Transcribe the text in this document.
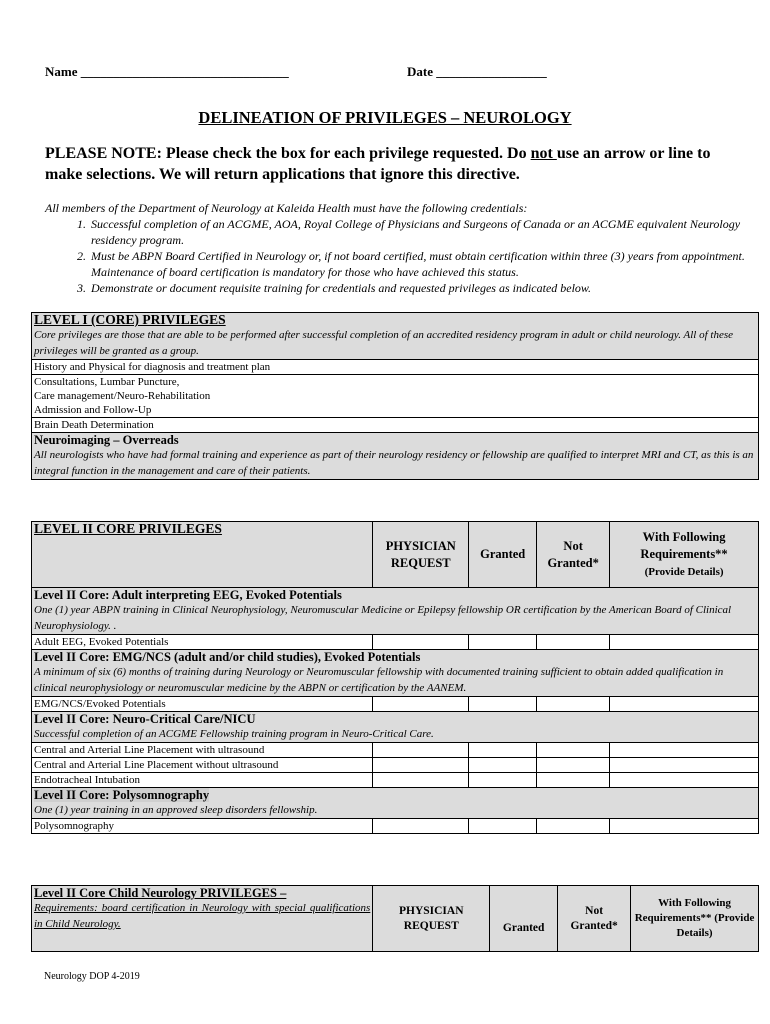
Name ________________________________	Date _________________
DELINEATION OF PRIVILEGES – NEUROLOGY
PLEASE NOTE: Please check the box for each privilege requested. Do not use an arrow or line to make selections. We will return applications that ignore this directive.
All members of the Department of Neurology at Kaleida Health must have the following credentials:
1. Successful completion of an ACGME, AOA, Royal College of Physicians and Surgeons of Canada or an ACGME equivalent Neurology residency program.
2. Must be ABPN Board Certified in Neurology or, if not board certified, must obtain certification within three (3) years from appointment. Maintenance of board certification is mandatory for those who have achieved this status.
3. Demonstrate or document requisite training for credentials and requested privileges as indicated below.
LEVEL I (CORE) PRIVILEGES
Core privileges are those that are able to be performed after successful completion of an accredited residency program in adult or child neurology. All of these privileges will be granted as a group.

History and Physical for diagnosis and treatment plan

Consultations, Lumbar Puncture,
Care management/Neuro-Rehabilitation
Admission and Follow-Up

Brain Death Determination

Neuroimaging – Overreads
All neurologists who have had formal training and experience as part of their neurology residency or fellowship are qualified to interpret MRI and CT, as this is an integral function in the management and care of their patients.
LEVEL II CORE PRIVILEGES	PHYSICIAN REQUEST	Granted	Not Granted*	With Following Requirements**
(Provide Details)

Level II Core: Adult interpreting EEG, Evoked Potentials
One (1) year ABPN training in Clinical Neurophysiology, Neuromuscular Medicine or Epilepsy fellowship OR certification by the American Board of Clinical Neurophysiology. .				

Adult EEG, Evoked Potentials				

Level II Core: EMG/NCS (adult and/or child studies), Evoked Potentials
A minimum of six (6) months of training during Neurology or Neuromuscular fellowship with documented training sufficient to obtain added qualification in clinical neurophysiology or neuromuscular medicine by the ABPN or certification by the AANEM.				

EMG/NCS/Evoked Potentials				

Level II Core: Neuro-Critical Care/NICU
Successful completion of an ACGME Fellowship training program in Neuro-Critical Care.				

Central and Arterial Line Placement with ultrasound				
Central and Arterial Line Placement without ultrasound				
Endotracheal Intubation				

Level II Core: Polysomnography
One (1) year training in an approved sleep disorders fellowship.				

Polysomnography				
Level II Core Child Neurology PRIVILEGES –
Requirements: board certification in Neurology with special qualifications in Child Neurology.
	PHYSICIAN REQUEST	Granted	Not Granted*	With Following Requirements** (Provide Details)
Neurology DOP 4-2019
